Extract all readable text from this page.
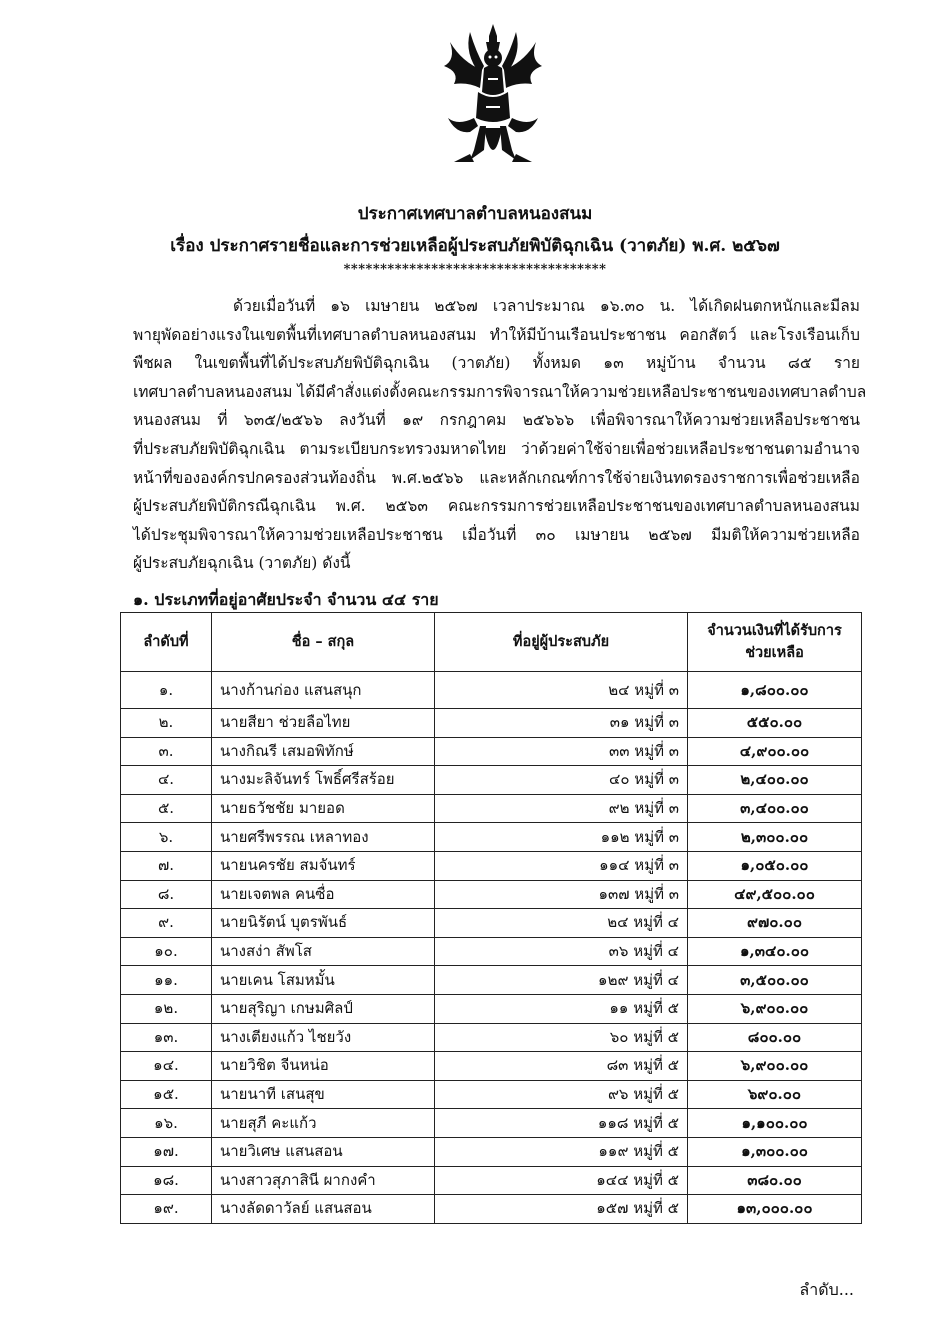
ประกาศเทศบาลตำบลหนองสนม
เรื่อง ประกาศรายชื่อและการช่วยเหลือผู้ประสบภัยพิบัติฉุกเฉิน (วาตภัย) พ.ศ. ๒๕๖๗
************************************
ด้วยเมื่อวันที่ ๑๖ เมษายน ๒๕๖๗ เวลาประมาณ ๑๖.๓๐ น. ได้เกิดฝนตกหนักและมีลม
พายุพัดอย่างแรงในเขตพื้นที่เทศบาลตำบลหนองสนม ทำให้มีบ้านเรือนประชาชน คอกสัตว์ และโรงเรือนเก็บ
พืชผล ในเขตพื้นที่ได้ประสบภัยพิบัติฉุกเฉิน (วาตภัย) ทั้งหมด ๑๓ หมู่บ้าน จำนวน ๘๕ ราย
เทศบาลตำบลหนองสนม ได้มีคำสั่งแต่งตั้งคณะกรรมการพิจารณาให้ความช่วยเหลือประชาชนของเทศบาลตำบล
หนองสนม ที่ ๖๓๕/๒๕๖๖ ลงวันที่ ๑๙ กรกฎาคม ๒๕๖๖๖ เพื่อพิจารณาให้ความช่วยเหลือประชาชน
ที่ประสบภัยพิบัติฉุกเฉิน ตามระเบียบกระทรวงมหาดไทย ว่าด้วยค่าใช้จ่ายเพื่อช่วยเหลือประชาชนตามอำนาจ
หน้าที่ขององค์กรปกครองส่วนท้องถิ่น พ.ศ.๒๕๖๖ และหลักเกณฑ์การใช้จ่ายเงินทดรองราชการเพื่อช่วยเหลือ
ผู้ประสบภัยพิบัติกรณีฉุกเฉิน พ.ศ. ๒๕๖๓ คณะกรรมการช่วยเหลือประชาชนของเทศบาลตำบลหนองสนม
ได้ประชุมพิจารณาให้ความช่วยเหลือประชาชน เมื่อวันที่ ๓๐ เมษายน ๒๕๖๗ มีมติให้ความช่วยเหลือ
ผู้ประสบภัยฉุกเฉิน (วาตภัย) ดังนี้
๑. ประเภทที่อยู่อาศัยประจำ จำนวน ๔๔ ราย
ลำดับที่	ชื่อ – สกุล	ที่อยู่ผู้ประสบภัย	จำนวนเงินที่ได้รับการ
ช่วยเหลือ
๑.	นางก้านก่อง แสนสนุก	๒๔ หมู่ที่ ๓	๑,๘๐๐.๐๐
๒.	นายสียา ช่วยลือไทย	๓๑ หมู่ที่ ๓	๕๕๐.๐๐
๓.	นางกิณรี เสมอพิทักษ์	๓๓ หมู่ที่ ๓	๔,๙๐๐.๐๐
๔.	นางมะลิจันทร์ โพธิ์ศรีสร้อย	๔๐ หมู่ที่ ๓	๒,๔๐๐.๐๐
๕.	นายธวัชชัย มายอด	๙๒ หมู่ที่ ๓	๓,๔๐๐.๐๐
๖.	นายศรีพรรณ เหลาทอง	๑๑๒ หมู่ที่ ๓	๒,๓๐๐.๐๐
๗.	นายนครชัย สมจันทร์	๑๑๔ หมู่ที่ ๓	๑,๐๕๐.๐๐
๘.	นายเจตพล คนซื่อ	๑๓๗ หมู่ที่ ๓	๔๙,๕๐๐.๐๐
๙.	นายนิรัตน์ บุตรพันธ์	๒๔ หมู่ที่ ๔	๙๗๐.๐๐
๑๐.	นางสง่า สัพโส	๓๖ หมู่ที่ ๔	๑,๓๔๐.๐๐
๑๑.	นายเคน โสมหมั้น	๑๒๙ หมู่ที่ ๔	๓,๕๐๐.๐๐
๑๒.	นายสุริญา เกษมศิลป์	๑๑ หมู่ที่ ๕	๖,๙๐๐.๐๐
๑๓.	นางเตียงแก้ว ไชยวัง	๖๐ หมู่ที่ ๕	๘๐๐.๐๐
๑๔.	นายวิชิต จีนหน่อ	๘๓ หมู่ที่ ๕	๖,๙๐๐.๐๐
๑๕.	นายนาที เสนสุข	๙๖ หมู่ที่ ๕	๖๙๐.๐๐
๑๖.	นายสุภี คะแก้ว	๑๑๘ หมู่ที่ ๕	๑,๑๐๐.๐๐
๑๗.	นายวิเศษ แสนสอน	๑๑๙ หมู่ที่ ๕	๑,๓๐๐.๐๐
๑๘.	นางสาวสุภาสินี ผากงคำ	๑๔๔ หมู่ที่ ๕	๓๘๐.๐๐
๑๙.	นางลัดดาวัลย์ แสนสอน	๑๕๗ หมู่ที่ ๕	๑๓,๐๐๐.๐๐
ลำดับ...
